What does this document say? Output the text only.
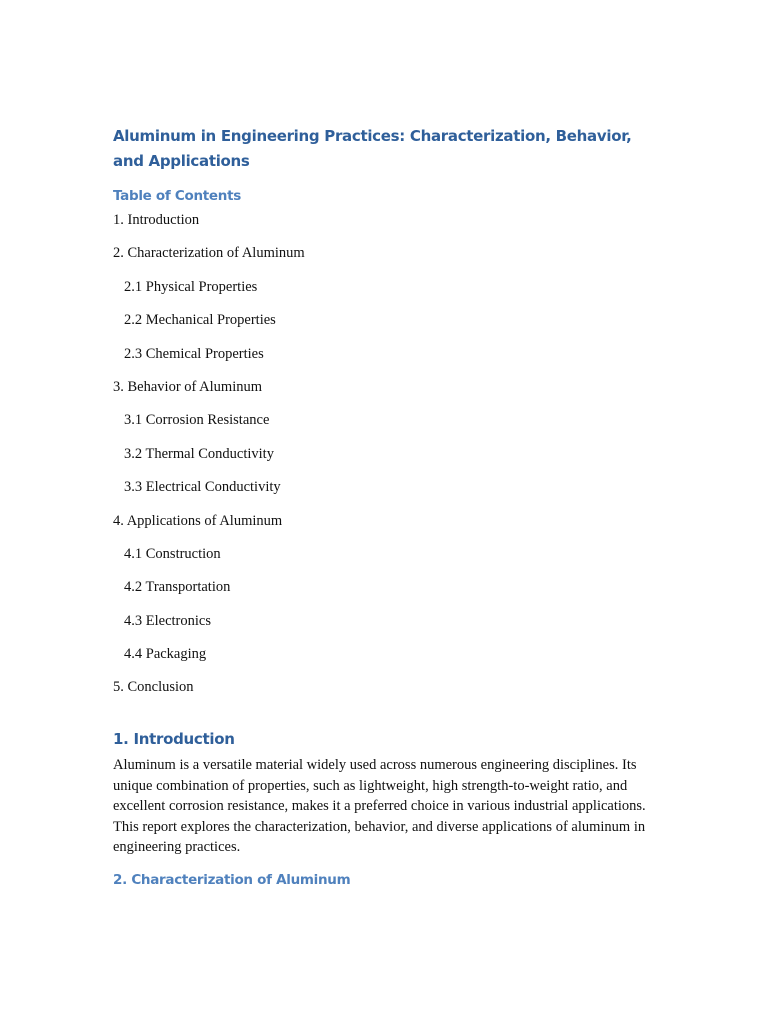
Aluminum in Engineering Practices: Characterization, Behavior, and Applications
Table of Contents
1. Introduction
2. Characterization of Aluminum
2.1 Physical Properties
2.2 Mechanical Properties
2.3 Chemical Properties
3. Behavior of Aluminum
3.1 Corrosion Resistance
3.2 Thermal Conductivity
3.3 Electrical Conductivity
4. Applications of Aluminum
4.1 Construction
4.2 Transportation
4.3 Electronics
4.4 Packaging
5. Conclusion
1. Introduction

Aluminum is a versatile material widely used across numerous engineering disciplines. Its unique combination of properties, such as lightweight, high strength-to-weight ratio, and excellent corrosion resistance, makes it a preferred choice in various industrial applications. This report explores the characterization, behavior, and diverse applications of aluminum in engineering practices.

2. Characterization of Aluminum
